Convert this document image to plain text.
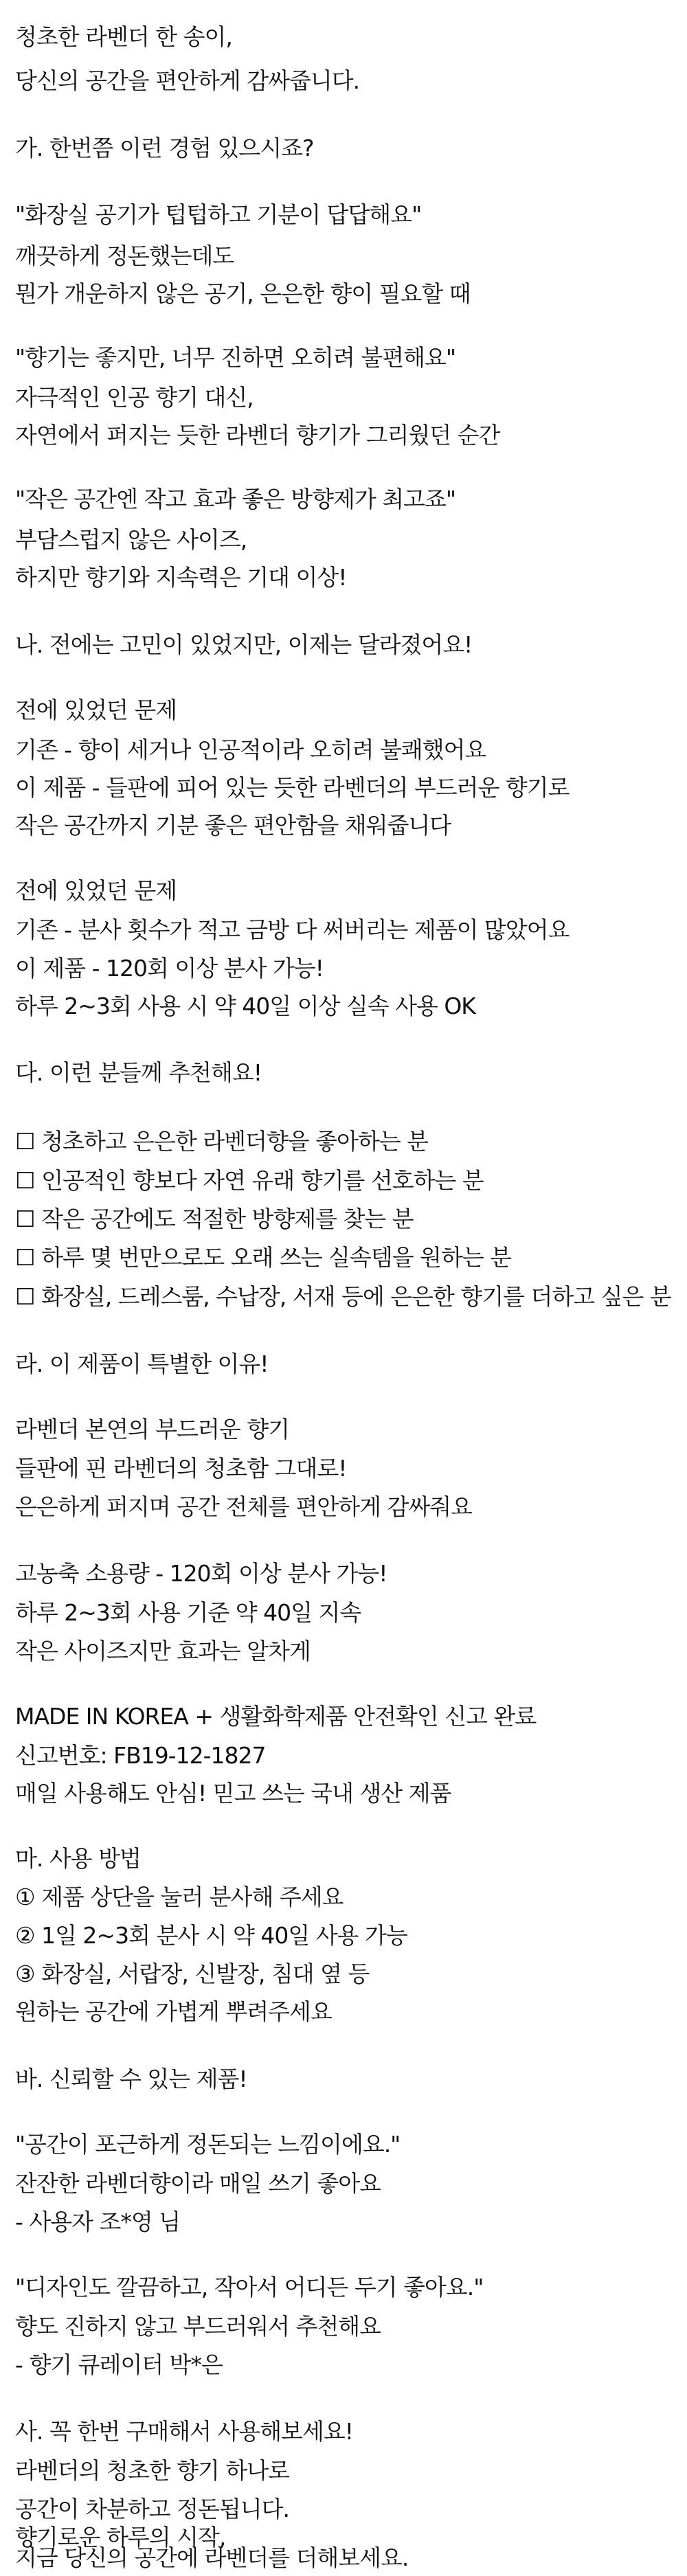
청초한 라벤더 한 송이,
당신의 공간을 편안하게 감싸줍니다.
가. 한번쯤 이런 경험 있으시죠?
"화장실 공기가 텁텁하고 기분이 답답해요"
깨끗하게 정돈했는데도
뭔가 개운하지 않은 공기, 은은한 향이 필요할 때
"향기는 좋지만, 너무 진하면 오히려 불편해요"
자극적인 인공 향기 대신,
자연에서 퍼지는 듯한 라벤더 향기가 그리웠던 순간
"작은 공간엔 작고 효과 좋은 방향제가 최고죠"
부담스럽지 않은 사이즈,
하지만 향기와 지속력은 기대 이상!
나. 전에는 고민이 있었지만, 이제는 달라졌어요!
전에 있었던 문제
기존 - 향이 세거나 인공적이라 오히려 불쾌했어요
이 제품 - 들판에 피어 있는 듯한 라벤더의 부드러운 향기로
작은 공간까지 기분 좋은 편안함을 채워줍니다
전에 있었던 문제
기존 - 분사 횟수가 적고 금방 다 써버리는 제품이 많았어요
이 제품 - 120회 이상 분사 가능!
하루 2~3회 사용 시 약 40일 이상 실속 사용 OK
다. 이런 분들께 추천해요!
☐ 청초하고 은은한 라벤더향을 좋아하는 분
☐ 인공적인 향보다 자연 유래 향기를 선호하는 분
☐ 작은 공간에도 적절한 방향제를 찾는 분
☐ 하루 몇 번만으로도 오래 쓰는 실속템을 원하는 분
☐ 화장실, 드레스룸, 수납장, 서재 등에 은은한 향기를 더하고 싶은 분
라. 이 제품이 특별한 이유!
라벤더 본연의 부드러운 향기
들판에 핀 라벤더의 청초함 그대로!
은은하게 퍼지며 공간 전체를 편안하게 감싸줘요
고농축 소용량 - 120회 이상 분사 가능!
하루 2~3회 사용 기준 약 40일 지속
작은 사이즈지만 효과는 알차게
MADE IN KOREA + 생활화학제품 안전확인 신고 완료
신고번호: FB19-12-1827
매일 사용해도 안심! 믿고 쓰는 국내 생산 제품
마. 사용 방법
① 제품 상단을 눌러 분사해 주세요
② 1일 2~3회 분사 시 약 40일 사용 가능
③ 화장실, 서랍장, 신발장, 침대 옆 등
원하는 공간에 가볍게 뿌려주세요
바. 신뢰할 수 있는 제품!
"공간이 포근하게 정돈되는 느낌이에요."
잔잔한 라벤더향이라 매일 쓰기 좋아요
- 사용자 조*영 님
"디자인도 깔끔하고, 작아서 어디든 두기 좋아요."
향도 진하지 않고 부드러워서 추천해요
- 향기 큐레이터 박*은
사. 꼭 한번 구매해서 사용해보세요!
라벤더의 청초한 향기 하나로
공간이 차분하고 정돈됩니다.
향기로운 하루의 시작,
지금 당신의 공간에 라벤더를 더해보세요.
